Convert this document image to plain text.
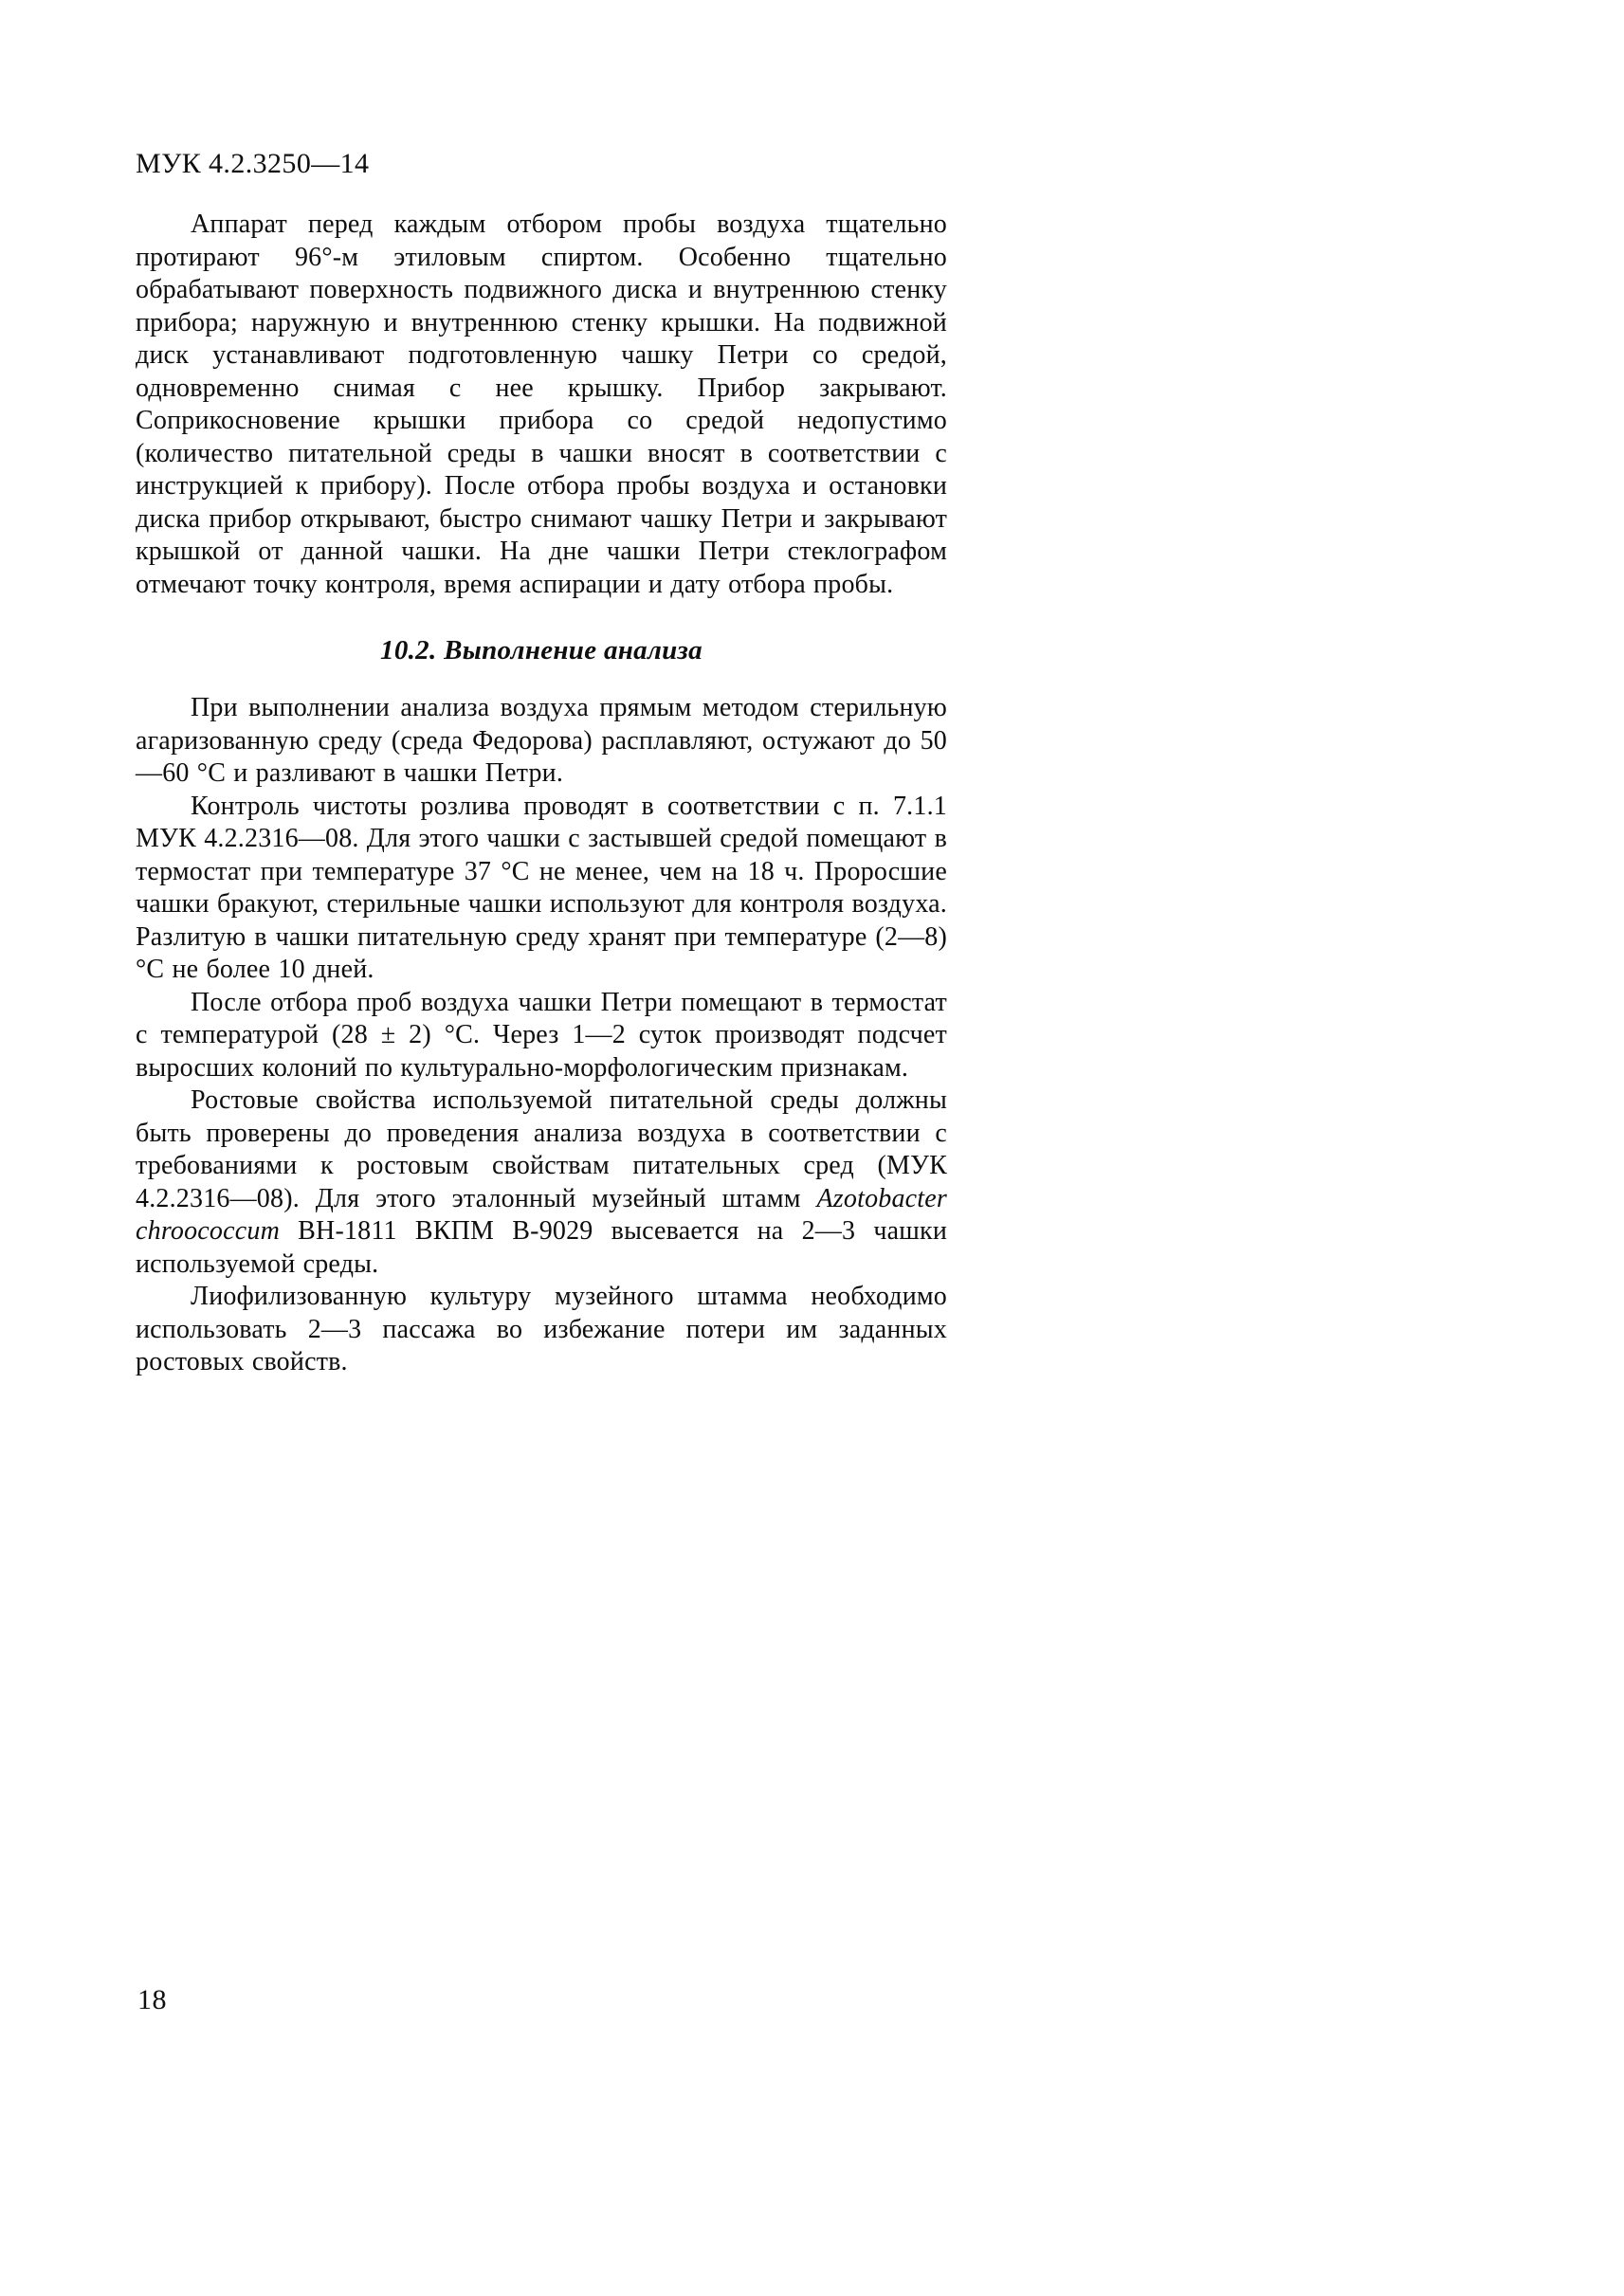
МУК 4.2.3250—14

Аппарат перед каждым отбором пробы воздуха тщательно протирают 96°-м этиловым спиртом. Особенно тщательно обрабатывают поверхность подвижного диска и внутреннюю стенку прибора; наружную и внутреннюю стенку крышки. На подвижной диск устанавливают подготовленную чашку Петри со средой, одновременно снимая с нее крышку. Прибор закрывают. Соприкосновение крышки прибора со средой недопустимо (количество питательной среды в чашки вносят в соответствии с инструкцией к прибору). После отбора пробы воздуха и остановки диска прибор открывают, быстро снимают чашку Петри и закрывают крышкой от данной чашки. На дне чашки Петри стеклографом отмечают точку контроля, время аспирации и дату отбора пробы.

10.2. Выполнение анализа

При выполнении анализа воздуха прямым методом стерильную агаризованную среду (среда Федорова) расплавляют, остужают до 50—60 °С и разливают в чашки Петри.

Контроль чистоты розлива проводят в соответствии с п. 7.1.1 МУК 4.2.2316—08. Для этого чашки с застывшей средой помещают в термостат при температуре 37 °С не менее, чем на 18 ч. Проросшие чашки бракуют, стерильные чашки используют для контроля воздуха. Разлитую в чашки питательную среду хранят при температуре (2—8) °С не более 10 дней.

После отбора проб воздуха чашки Петри помещают в термостат с температурой (28 ± 2) °С. Через 1—2 суток производят подсчет выросших колоний по культурально-морфологическим признакам.

Ростовые свойства используемой питательной среды должны быть проверены до проведения анализа воздуха в соответствии с требованиями к ростовым свойствам питательных сред (МУК 4.2.2316—08). Для этого эталонный музейный штамм Azotobacter chroococcum ВН-1811 ВКПМ В-9029 высевается на 2—3 чашки используемой среды.

Лиофилизованную культуру музейного штамма необходимо использовать 2—3 пассажа во избежание потери им заданных ростовых свойств.

18
